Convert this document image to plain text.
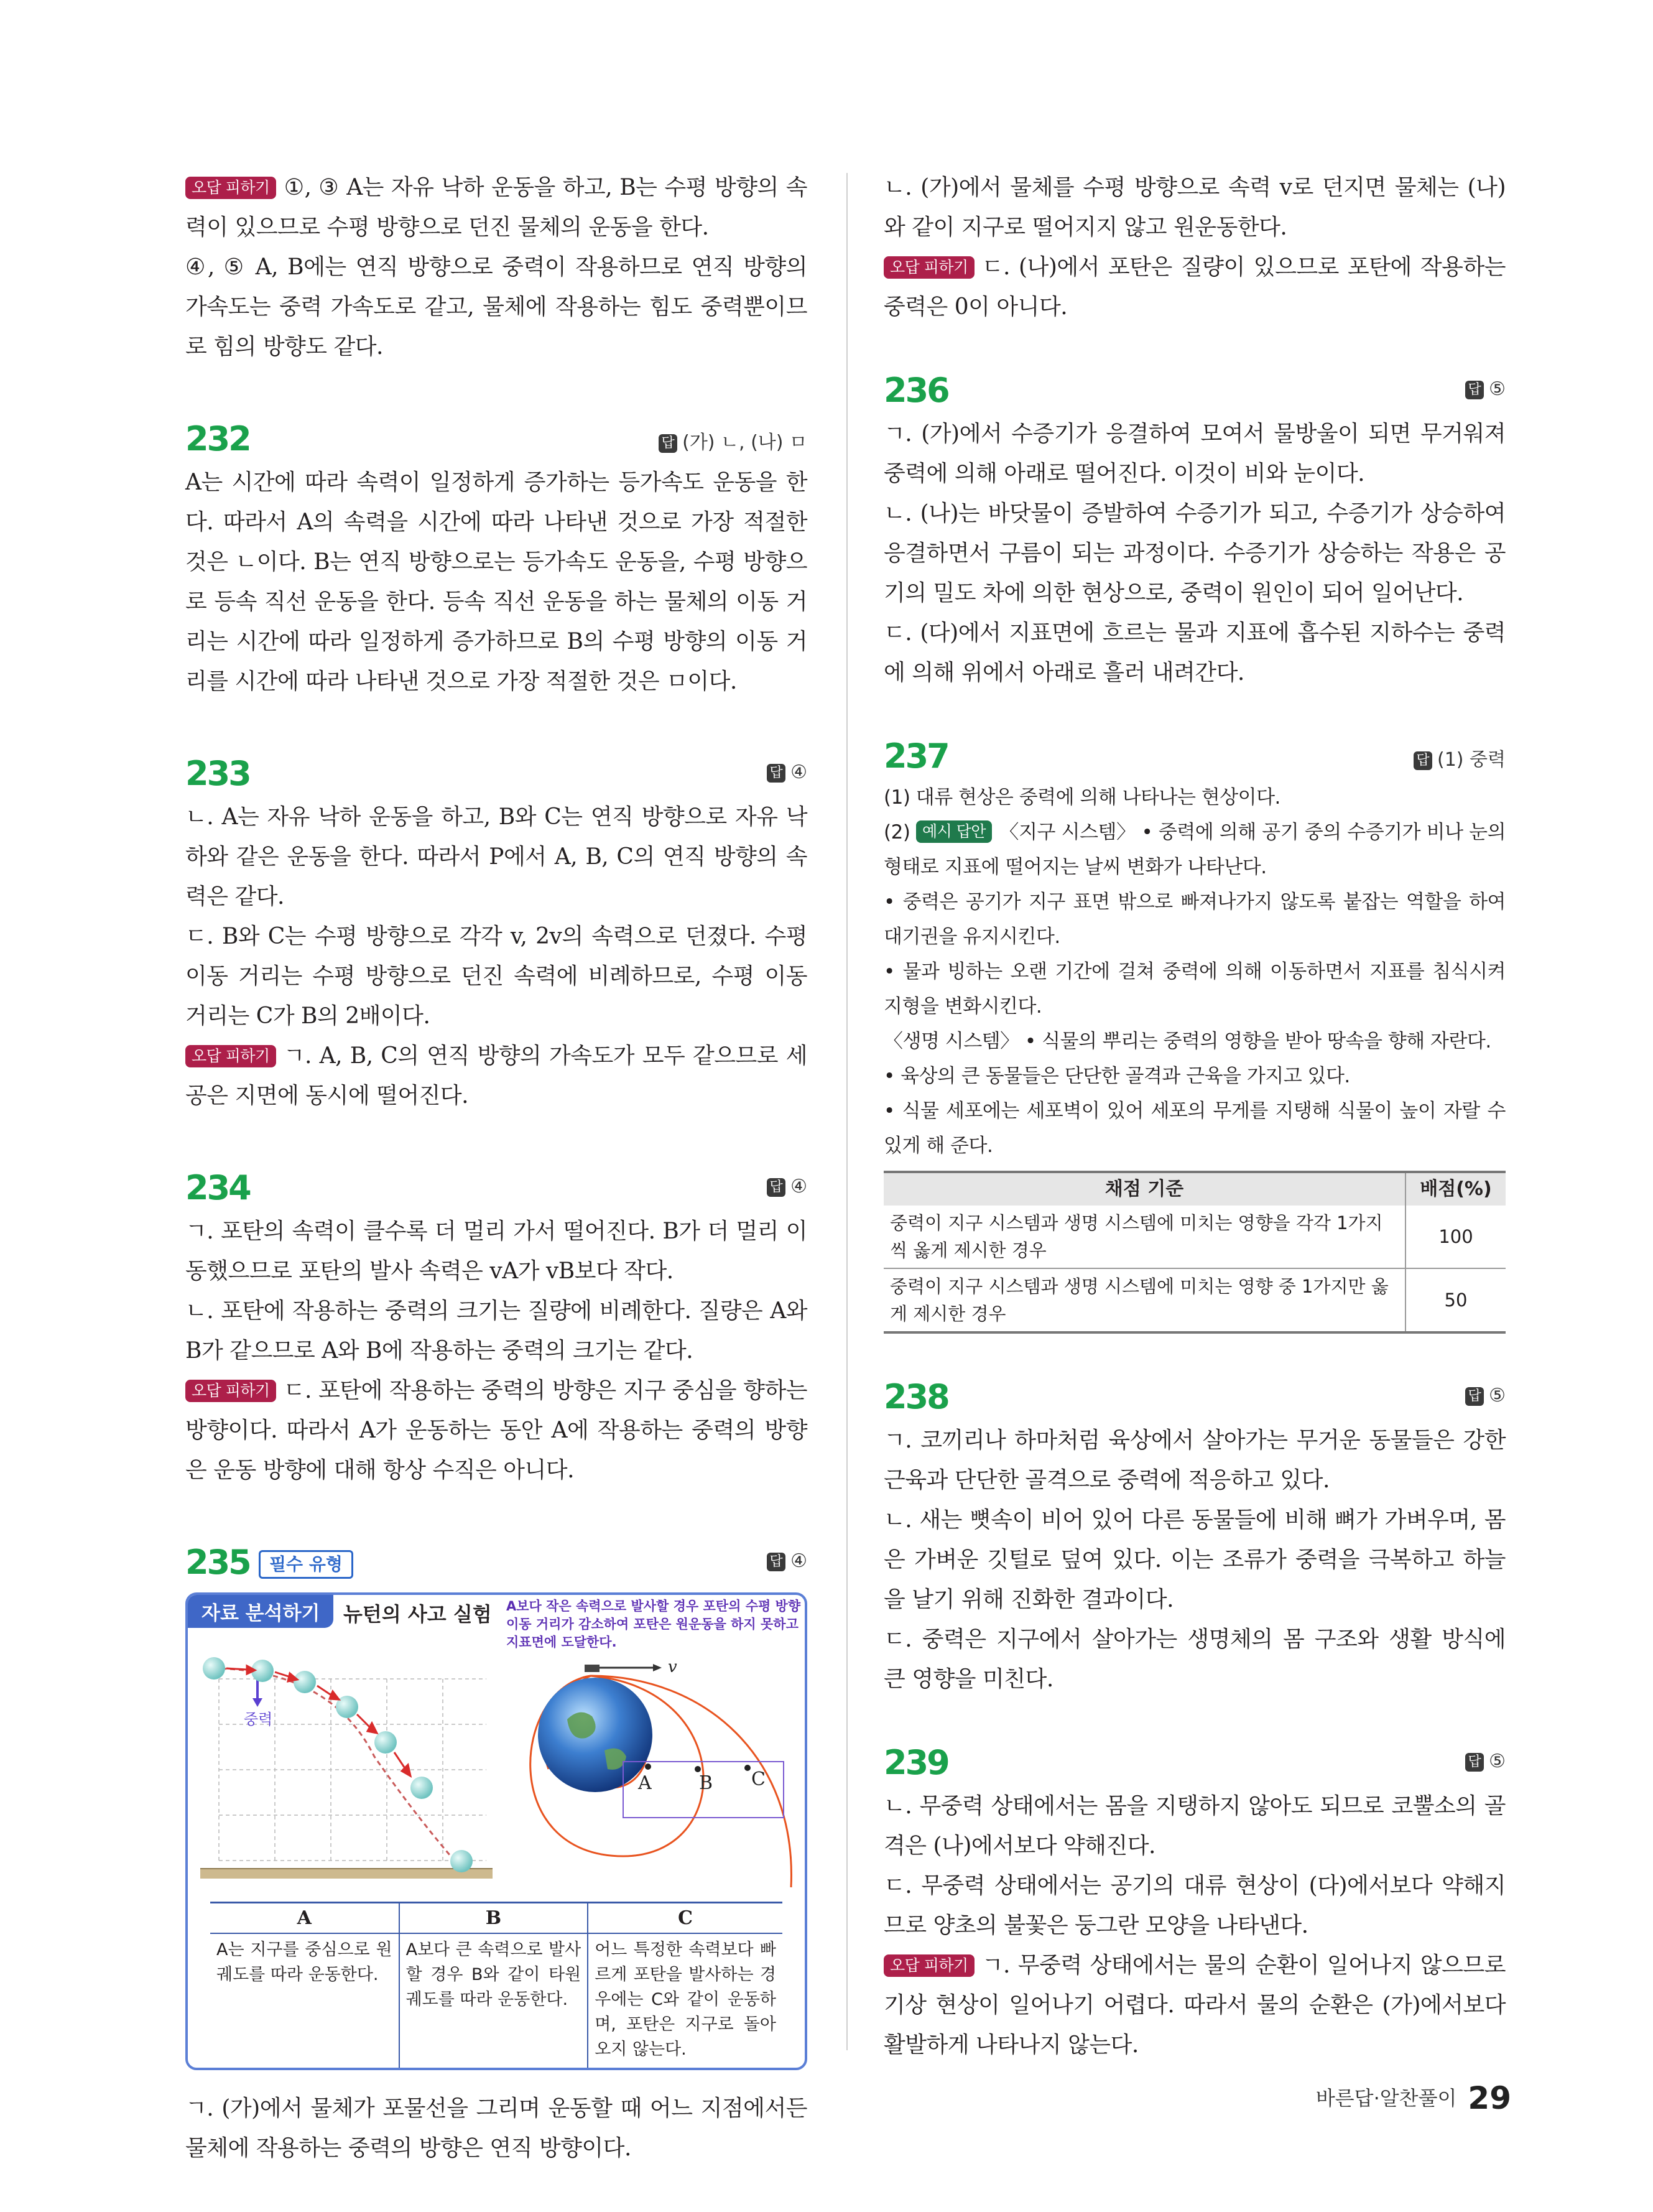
오답 피하기 ①, ③ A는 자유 낙하 운동을 하고, B는 수평 방향의 속력이 있으므로 수평 방향으로 던진 물체의 운동을 한다.

④, ⑤ A, B에는 연직 방향으로 중력이 작용하므로 연직 방향의 가속도는 중력 가속도로 같고, 물체에 작용하는 힘도 중력뿐이므로 힘의 방향도 같다.

232	답 (가) ㄴ, (나) ㅁ

A는 시간에 따라 속력이 일정하게 증가하는 등가속도 운동을 한다. 따라서 A의 속력을 시간에 따라 나타낸 것으로 가장 적절한 것은 ㄴ이다. B는 연직 방향으로는 등가속도 운동을, 수평 방향으로 등속 직선 운동을 한다. 등속 직선 운동을 하는 물체의 이동 거리는 시간에 따라 일정하게 증가하므로 B의 수평 방향의 이동 거리를 시간에 따라 나타낸 것으로 가장 적절한 것은 ㅁ이다.

233	답 ④

ㄴ. A는 자유 낙하 운동을 하고, B와 C는 연직 방향으로 자유 낙하와 같은 운동을 한다. 따라서 P에서 A, B, C의 연직 방향의 속력은 같다.

ㄷ. B와 C는 수평 방향으로 각각 v, 2v의 속력으로 던졌다. 수평 이동 거리는 수평 방향으로 던진 속력에 비례하므로, 수평 이동 거리는 C가 B의 2배이다.

오답 피하기 ㄱ. A, B, C의 연직 방향의 가속도가 모두 같으므로 세 공은 지면에 동시에 떨어진다.

234	답 ④

ㄱ. 포탄의 속력이 클수록 더 멀리 가서 떨어진다. B가 더 멀리 이동했으므로 포탄의 발사 속력은 vA가 vB보다 작다.

ㄴ. 포탄에 작용하는 중력의 크기는 질량에 비례한다. 질량은 A와 B가 같으므로 A와 B에 작용하는 중력의 크기는 같다.

오답 피하기 ㄷ. 포탄에 작용하는 중력의 방향은 지구 중심을 향하는 방향이다. 따라서 A가 운동하는 동안 A에 작용하는 중력의 방향은 운동 방향에 대해 항상 수직은 아니다.

235	필수 유형	답 ④
중력
v
A	B C
자료 분석하기	뉴턴의 사고 실험 A보다 작은 속력으로 발사할 경우 포탄의 수평 방향 이동 거리가 감소하여 포탄은 원운동을 하지 못하고 지표면에 도달한다.
A	B	C
A는 지구를 중심으로 원 궤도를 따라 운동한다.	A보다 큰 속력으로 발사할 경우 B와 같이 타원 궤도를 따라 운동한다.	어느 특정한 속력보다 빠르게 포탄을 발사하는 경우에는 C와 같이 운동하며, 포탄은 지구로 돌아오지 않는다.

ㄱ. (가)에서 물체가 포물선을 그리며 운동할 때 어느 지점에서든 물체에 작용하는 중력의 방향은 연직 방향이다.

ㄴ. (가)에서 물체를 수평 방향으로 속력 v로 던지면 물체는 (나)와 같이 지구로 떨어지지 않고 원운동한다.

오답 피하기 ㄷ. (나)에서 포탄은 질량이 있으므로 포탄에 작용하는 중력은 0이 아니다.

236	답 ⑤

ㄱ. (가)에서 수증기가 응결하여 모여서 물방울이 되면 무거워져 중력에 의해 아래로 떨어진다. 이것이 비와 눈이다.

ㄴ. (나)는 바닷물이 증발하여 수증기가 되고, 수증기가 상승하여 응결하면서 구름이 되는 과정이다. 수증기가 상승하는 작용은 공기의 밀도 차에 의한 현상으로, 중력이 원인이 되어 일어난다.

ㄷ. (다)에서 지표면에 흐르는 물과 지표에 흡수된 지하수는 중력에 의해 위에서 아래로 흘러 내려간다.

237	답 (1) 중력

(1) 대류 현상은 중력에 의해 나타나는 현상이다.

(2) 예시 답안 〈지구 시스템〉 • 중력에 의해 공기 중의 수증기가 비나 눈의 형태로 지표에 떨어지는 날씨 변화가 나타난다.

• 중력은 공기가 지구 표면 밖으로 빠져나가지 않도록 붙잡는 역할을 하여 대기권을 유지시킨다.

• 물과 빙하는 오랜 기간에 걸쳐 중력에 의해 이동하면서 지표를 침식시켜 지형을 변화시킨다.

〈생명 시스템〉 • 식물의 뿌리는 중력의 영향을 받아 땅속을 향해 자란다.

• 육상의 큰 동물들은 단단한 골격과 근육을 가지고 있다.

• 식물 세포에는 세포벽이 있어 세포의 무게를 지탱해 식물이 높이 자랄 수 있게 해 준다.

채점 기준	배점(%)
중력이 지구 시스템과 생명 시스템에 미치는 영향을 각각 1가지씩 옳게 제시한 경우	100
중력이 지구 시스템과 생명 시스템에 미치는 영향 중 1가지만 옳게 제시한 경우	50
238	답 ⑤

ㄱ. 코끼리나 하마처럼 육상에서 살아가는 무거운 동물들은 강한 근육과 단단한 골격으로 중력에 적응하고 있다.

ㄴ. 새는 뼛속이 비어 있어 다른 동물들에 비해 뼈가 가벼우며, 몸은 가벼운 깃털로 덮여 있다. 이는 조류가 중력을 극복하고 하늘을 날기 위해 진화한 결과이다.

ㄷ. 중력은 지구에서 살아가는 생명체의 몸 구조와 생활 방식에 큰 영향을 미친다.

239	답 ⑤

ㄴ. 무중력 상태에서는 몸을 지탱하지 않아도 되므로 코뿔소의 골격은 (나)에서보다 약해진다.

ㄷ. 무중력 상태에서는 공기의 대류 현상이 (다)에서보다 약해지므로 양초의 불꽃은 둥그란 모양을 나타낸다.

오답 피하기 ㄱ. 무중력 상태에서는 물의 순환이 일어나지 않으므로 기상 현상이 일어나기 어렵다. 따라서 물의 순환은 (가)에서보다 활발하게 나타나지 않는다.

바른답·알찬풀이 29
